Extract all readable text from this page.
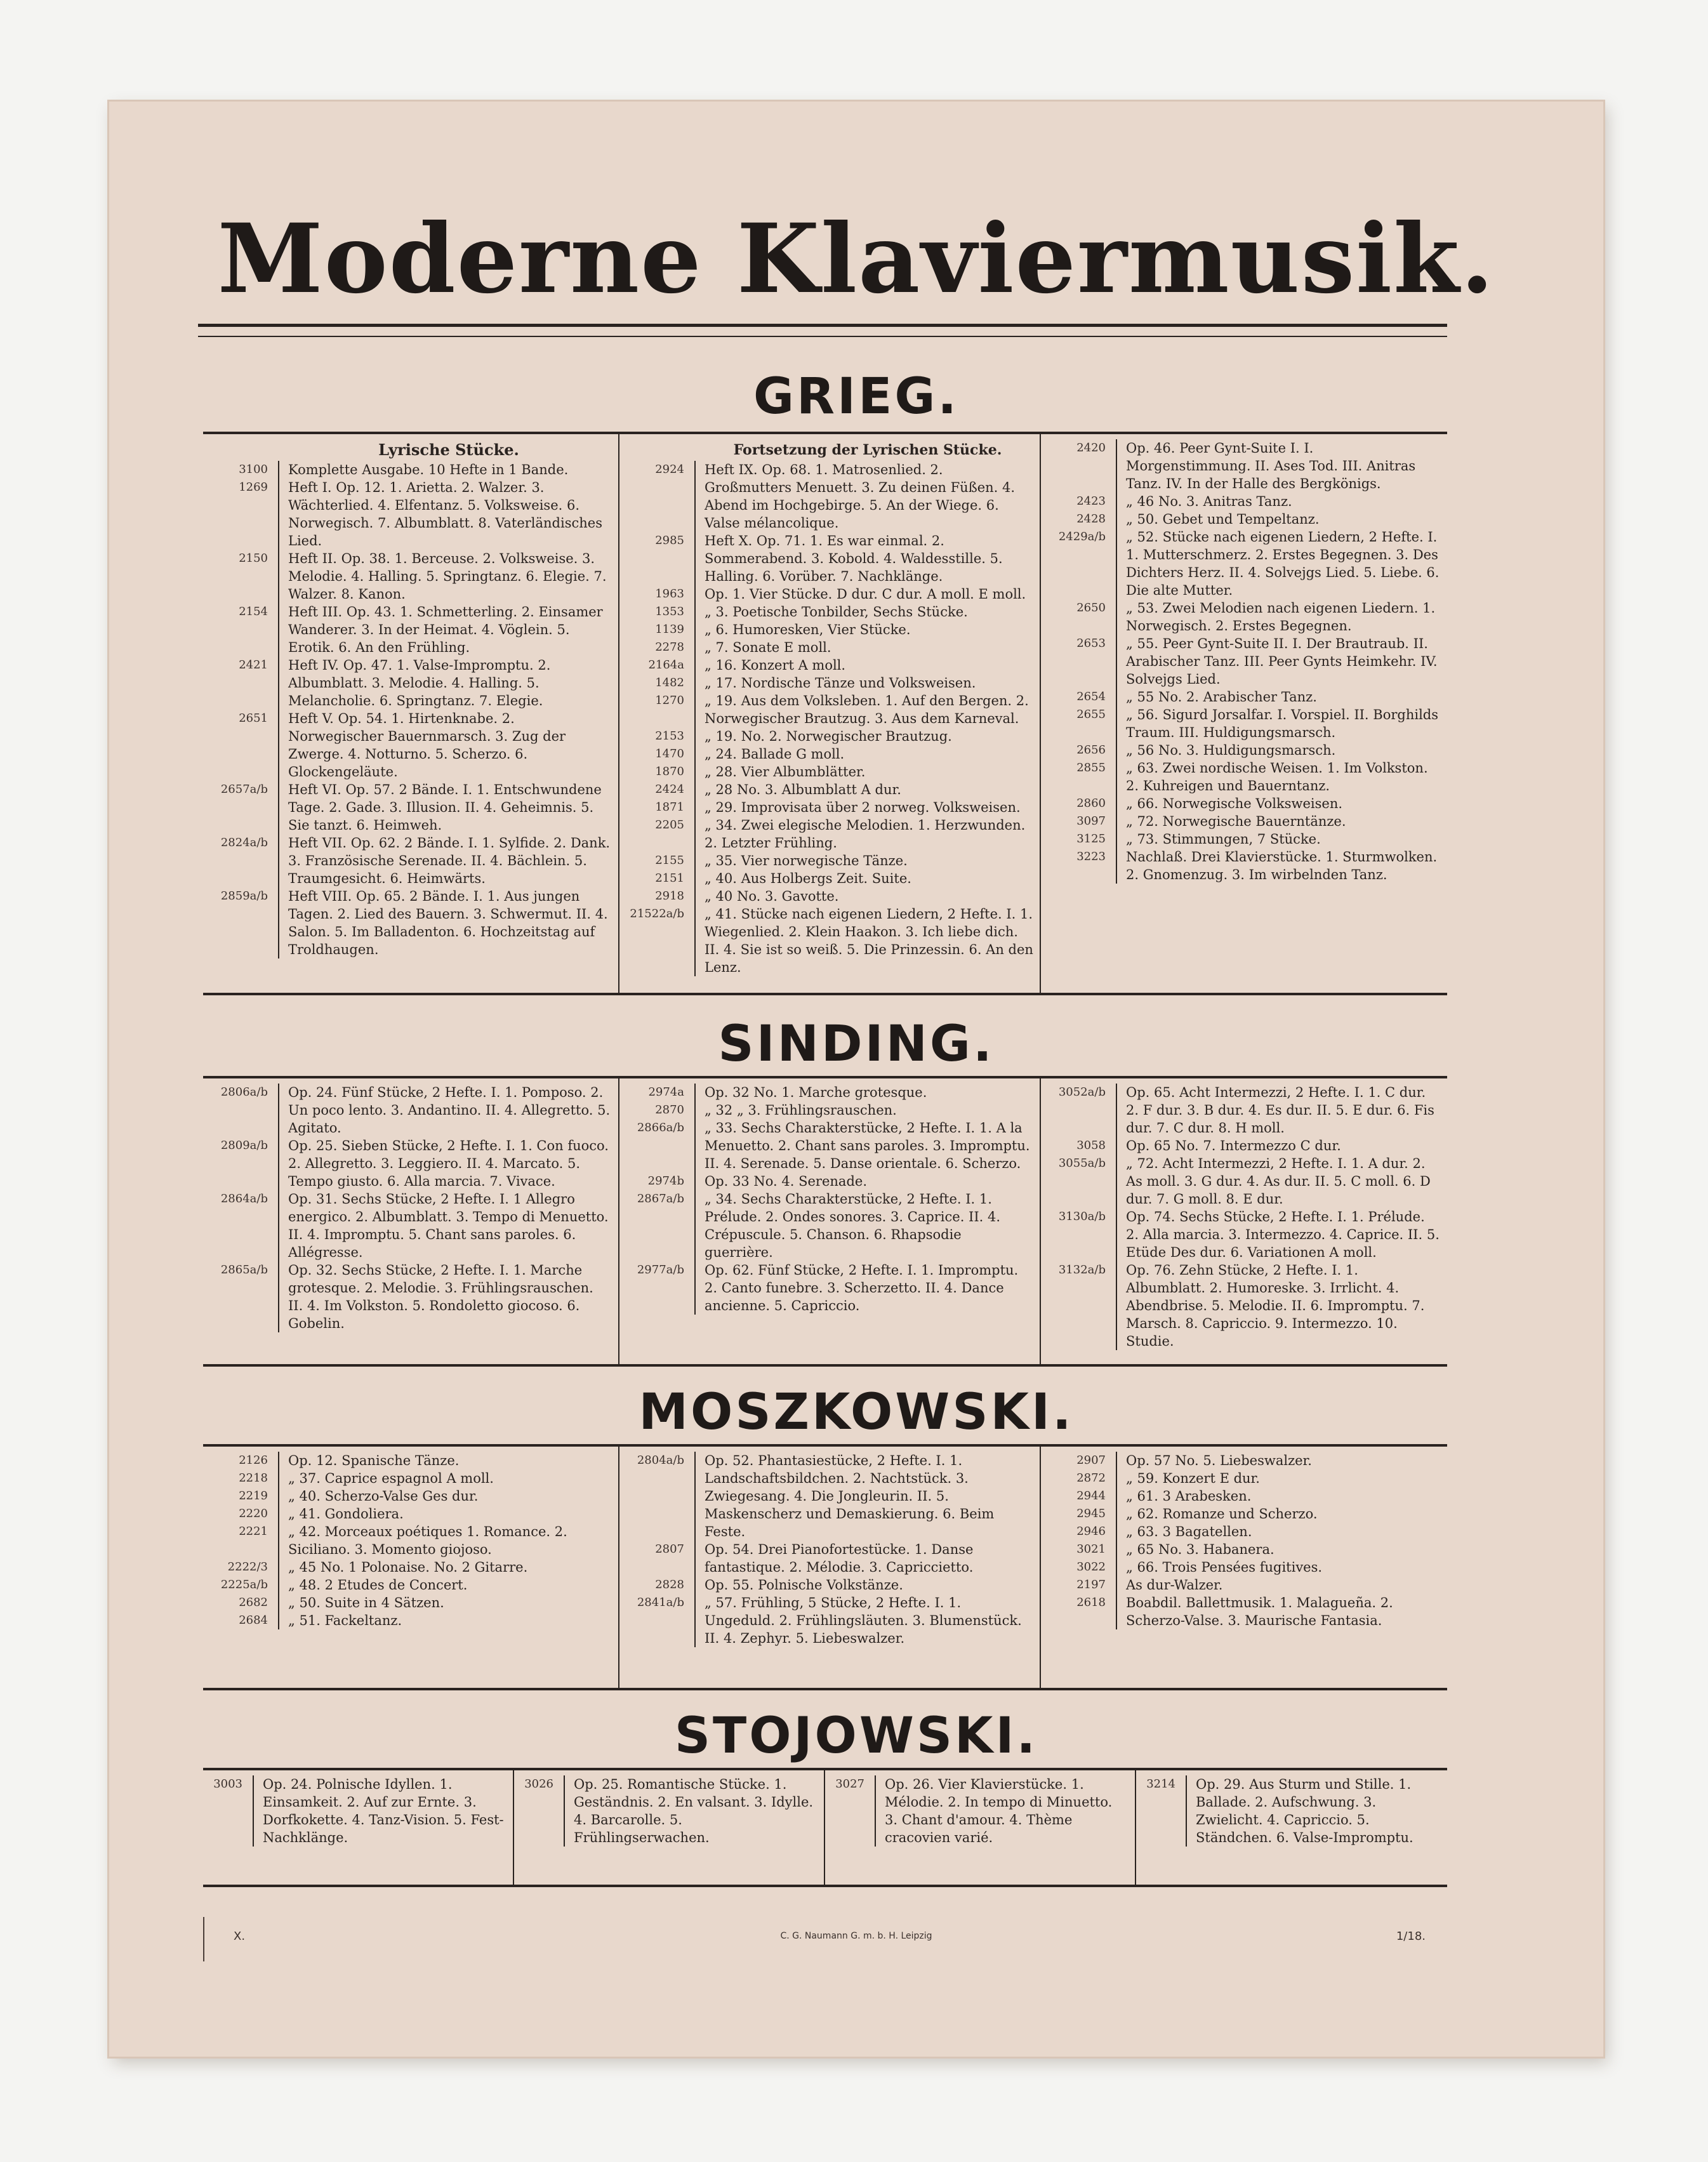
Moderne Klaviermusik.
GRIEG.
Lyrische Stücke.
3100	Komplette Ausgabe. 10 Hefte in 1 Bande.
1269	Heft I. Op. 12. 1. Arietta. 2. Walzer. 3. Wächterlied. 4. Elfentanz. 5. Volksweise. 6. Norwegisch. 7. Albumblatt. 8. Vaterländisches Lied.
2150	Heft II. Op. 38. 1. Berceuse. 2. Volksweise. 3. Melodie. 4. Halling. 5. Springtanz. 6. Elegie. 7. Walzer. 8. Kanon.
2154	Heft III. Op. 43. 1. Schmetterling. 2. Einsamer Wanderer. 3. In der Heimat. 4. Vöglein. 5. Erotik. 6. An den Frühling.
2421	Heft IV. Op. 47. 1. Valse-Impromptu. 2. Albumblatt. 3. Melodie. 4. Halling. 5. Melancholie. 6. Springtanz. 7. Elegie.
2651	Heft V. Op. 54. 1. Hirtenknabe. 2. Norwegischer Bauernmarsch. 3. Zug der Zwerge. 4. Notturno. 5. Scherzo. 6. Glockengeläute.
2657a/b	Heft VI. Op. 57. 2 Bände. I. 1. Entschwundene Tage. 2. Gade. 3. Illusion. II. 4. Geheimnis. 5. Sie tanzt. 6. Heimweh.
2824a/b	Heft VII. Op. 62. 2 Bände. I. 1. Sylfide. 2. Dank. 3. Französische Serenade. II. 4. Bächlein. 5. Traumgesicht. 6. Heimwärts.
2859a/b	Heft VIII. Op. 65. 2 Bände. I. 1. Aus jungen Tagen. 2. Lied des Bauern. 3. Schwermut. II. 4. Salon. 5. Im Balladenton. 6. Hochzeitstag auf Troldhaugen.
Fortsetzung der Lyrischen Stücke.
2924	Heft IX. Op. 68. 1. Matrosenlied. 2. Großmutters Menuett. 3. Zu deinen Füßen. 4. Abend im Hochgebirge. 5. An der Wiege. 6. Valse mélancolique.
2985	Heft X. Op. 71. 1. Es war einmal. 2. Sommerabend. 3. Kobold. 4. Waldesstille. 5. Halling. 6. Vorüber. 7. Nachklänge.
1963	Op. 1. Vier Stücke. D dur. C dur. A moll. E moll.
1353	„ 3. Poetische Tonbilder, Sechs Stücke.
1139	„ 6. Humoresken, Vier Stücke.
2278	„ 7. Sonate E moll.
2164a	„ 16. Konzert A moll.
1482	„ 17. Nordische Tänze und Volksweisen.
1270	„ 19. Aus dem Volksleben. 1. Auf den Bergen. 2. Norwegischer Brautzug. 3. Aus dem Karneval.
2153	„ 19. No. 2. Norwegischer Brautzug.
1470	„ 24. Ballade G moll.
1870	„ 28. Vier Albumblätter.
2424	„ 28 No. 3. Albumblatt A dur.
1871	„ 29. Improvisata über 2 norweg. Volksweisen.
2205	„ 34. Zwei elegische Melodien. 1. Herzwunden. 2. Letzter Frühling.
2155	„ 35. Vier norwegische Tänze.
2151	„ 40. Aus Holbergs Zeit. Suite.
2918	„ 40 No. 3. Gavotte.
21522a/b	„ 41. Stücke nach eigenen Liedern, 2 Hefte. I. 1. Wiegenlied. 2. Klein Haakon. 3. Ich liebe dich. II. 4. Sie ist so weiß. 5. Die Prinzessin. 6. An den Lenz.
2420	Op. 46. Peer Gynt-Suite I. I. Morgenstimmung. II. Ases Tod. III. Anitras Tanz. IV. In der Halle des Bergkönigs.
2423	„ 46 No. 3. Anitras Tanz.
2428	„ 50. Gebet und Tempeltanz.
2429a/b	„ 52. Stücke nach eigenen Liedern, 2 Hefte. I. 1. Mutterschmerz. 2. Erstes Begegnen. 3. Des Dichters Herz. II. 4. Solvejgs Lied. 5. Liebe. 6. Die alte Mutter.
2650	„ 53. Zwei Melodien nach eigenen Liedern. 1. Norwegisch. 2. Erstes Begegnen.
2653	„ 55. Peer Gynt-Suite II. I. Der Brautraub. II. Arabischer Tanz. III. Peer Gynts Heimkehr. IV. Solvejgs Lied.
2654	„ 55 No. 2. Arabischer Tanz.
2655	„ 56. Sigurd Jorsalfar. I. Vorspiel. II. Borghilds Traum. III. Huldigungsmarsch.
2656	„ 56 No. 3. Huldigungsmarsch.
2855	„ 63. Zwei nordische Weisen. 1. Im Volkston. 2. Kuhreigen und Bauerntanz.
2860	„ 66. Norwegische Volksweisen.
3097	„ 72. Norwegische Bauerntänze.
3125	„ 73. Stimmungen, 7 Stücke.
3223	Nachlaß. Drei Klavierstücke. 1. Sturmwolken. 2. Gnomenzug. 3. Im wirbelnden Tanz.
SINDING.
2806a/b	Op. 24. Fünf Stücke, 2 Hefte. I. 1. Pomposo. 2. Un poco lento. 3. Andantino. II. 4. Allegretto. 5. Agitato.
2809a/b	Op. 25. Sieben Stücke, 2 Hefte. I. 1. Con fuoco. 2. Allegretto. 3. Leggiero. II. 4. Marcato. 5. Tempo giusto. 6. Alla marcia. 7. Vivace.
2864a/b	Op. 31. Sechs Stücke, 2 Hefte. I. 1 Allegro energico. 2. Albumblatt. 3. Tempo di Menuetto. II. 4. Impromptu. 5. Chant sans paroles. 6. Allégresse.
2865a/b	Op. 32. Sechs Stücke, 2 Hefte. I. 1. Marche grotesque. 2. Melodie. 3. Frühlingsrauschen. II. 4. Im Volkston. 5. Rondoletto giocoso. 6. Gobelin.
2974a	Op. 32 No. 1. Marche grotesque.
2870	„ 32 „ 3. Frühlingsrauschen.
2866a/b	„ 33. Sechs Charakterstücke, 2 Hefte. I. 1. A la Menuetto. 2. Chant sans paroles. 3. Impromptu. II. 4. Serenade. 5. Danse orientale. 6. Scherzo.
2974b	Op. 33 No. 4. Serenade.
2867a/b	„ 34. Sechs Charakterstücke, 2 Hefte. I. 1. Prélude. 2. Ondes sonores. 3. Caprice. II. 4. Crépuscule. 5. Chanson. 6. Rhapsodie guerrière.
2977a/b	Op. 62. Fünf Stücke, 2 Hefte. I. 1. Impromptu. 2. Canto funebre. 3. Scherzetto. II. 4. Dance ancienne. 5. Capriccio.
3052a/b	Op. 65. Acht Intermezzi, 2 Hefte. I. 1. C dur. 2. F dur. 3. B dur. 4. Es dur. II. 5. E dur. 6. Fis dur. 7. C dur. 8. H moll.
3058	Op. 65 No. 7. Intermezzo C dur.
3055a/b	„ 72. Acht Intermezzi, 2 Hefte. I. 1. A dur. 2. As moll. 3. G dur. 4. As dur. II. 5. C moll. 6. D dur. 7. G moll. 8. E dur.
3130a/b	Op. 74. Sechs Stücke, 2 Hefte. I. 1. Prélude. 2. Alla marcia. 3. Intermezzo. 4. Caprice. II. 5. Etüde Des dur. 6. Variationen A moll.
3132a/b	Op. 76. Zehn Stücke, 2 Hefte. I. 1. Albumblatt. 2. Humoreske. 3. Irrlicht. 4. Abendbrise. 5. Melodie. II. 6. Impromptu. 7. Marsch. 8. Capriccio. 9. Intermezzo. 10. Studie.
MOSZKOWSKI.
2126	Op. 12. Spanische Tänze.
2218	„ 37. Caprice espagnol A moll.
2219	„ 40. Scherzo-Valse Ges dur.
2220	„ 41. Gondoliera.
2221	„ 42. Morceaux poétiques 1. Romance. 2. Siciliano. 3. Momento giojoso.
2222/3	„ 45 No. 1 Polonaise. No. 2 Gitarre.
2225a/b	„ 48. 2 Etudes de Concert.
2682	„ 50. Suite in 4 Sätzen.
2684	„ 51. Fackeltanz.
2804a/b	Op. 52. Phantasiestücke, 2 Hefte. I. 1. Landschaftsbildchen. 2. Nachtstück. 3. Zwiegesang. 4. Die Jongleurin. II. 5. Maskenscherz und Demaskierung. 6. Beim Feste.
2807	Op. 54. Drei Pianofortestücke. 1. Danse fantastique. 2. Mélodie. 3. Capriccietto.
2828	Op. 55. Polnische Volkstänze.
2841a/b	„ 57. Frühling, 5 Stücke, 2 Hefte. I. 1. Ungeduld. 2. Frühlingsläuten. 3. Blumenstück. II. 4. Zephyr. 5. Liebeswalzer.
2907	Op. 57 No. 5. Liebeswalzer.
2872	„ 59. Konzert E dur.
2944	„ 61. 3 Arabesken.
2945	„ 62. Romanze und Scherzo.
2946	„ 63. 3 Bagatellen.
3021	„ 65 No. 3. Habanera.
3022	„ 66. Trois Pensées fugitives.
2197	As dur-Walzer.
2618	Boabdil. Ballettmusik. 1. Malagueña. 2. Scherzo-Valse. 3. Maurische Fantasia.
STOJOWSKI.
3003	Op. 24. Polnische Idyllen. 1. Einsamkeit. 2. Auf zur Ernte. 3. Dorfkokette. 4. Tanz-Vision. 5. Fest-Nachklänge.
3026	Op. 25. Romantische Stücke. 1. Geständnis. 2. En valsant. 3. Idylle. 4. Barcarolle. 5. Frühlingserwachen.
3027	Op. 26. Vier Klavierstücke. 1. Mélodie. 2. In tempo di Minuetto. 3. Chant d'amour. 4. Thème cracovien varié.
3214	Op. 29. Aus Sturm und Stille. 1. Ballade. 2. Aufschwung. 3. Zwielicht. 4. Capriccio. 5. Ständchen. 6. Valse-Impromptu.
X.	C. G. Naumann G. m. b. H. Leipzig	1/18.
